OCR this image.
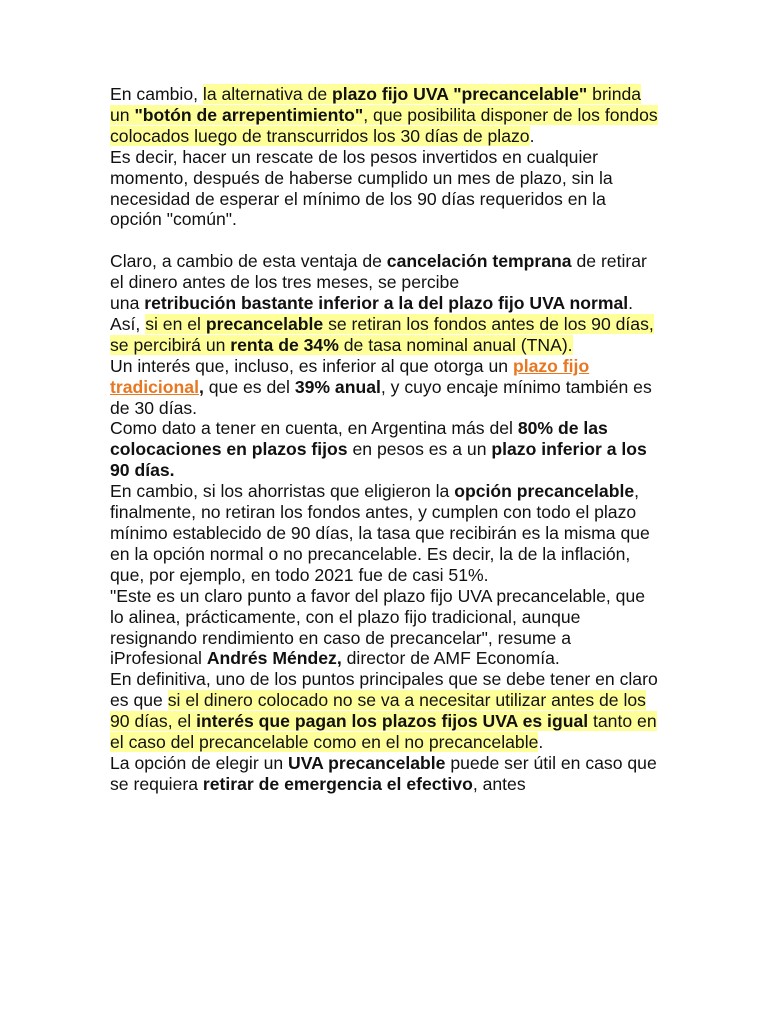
En cambio, la alternativa de plazo fijo UVA "precancelable" brinda un "botón de arrepentimiento", que posibilita disponer de los fondos colocados luego de transcurridos los 30 días de plazo.

Es decir, hacer un rescate de los pesos invertidos en cualquier momento, después de haberse cumplido un mes de plazo, sin la necesidad de esperar el mínimo de los 90 días requeridos en la opción "común".

Claro, a cambio de esta ventaja de cancelación temprana de retirar el dinero antes de los tres meses, se percibe
una retribución bastante inferior a la del plazo fijo UVA normal.

Así, si en el precancelable se retiran los fondos antes de los 90 días, se percibirá un renta de 34% de tasa nominal anual (TNA).

Un interés que, incluso, es inferior al que otorga un plazo fijo tradicional, que es del 39% anual, y cuyo encaje mínimo también es de 30 días.

Como dato a tener en cuenta, en Argentina más del 80% de las colocaciones en plazos fijos en pesos es a un plazo inferior a los 90 días.

En cambio, si los ahorristas que eligieron la opción precancelable, finalmente, no retiran los fondos antes, y cumplen con todo el plazo mínimo establecido de 90 días, la tasa que recibirán es la misma que en la opción normal o no precancelable. Es decir, la de la inflación, que, por ejemplo, en todo 2021 fue de casi 51%.

"Este es un claro punto a favor del plazo fijo UVA precancelable, que lo alinea, prácticamente, con el plazo fijo tradicional, aunque resignando rendimiento en caso de precancelar", resume a iProfesional Andrés Méndez, director de AMF Economía.

En definitiva, uno de los puntos principales que se debe tener en claro es que si el dinero colocado no se va a necesitar utilizar antes de los 90 días, el interés que pagan los plazos fijos UVA es igual tanto en el caso del precancelable como en el no precancelable.

La opción de elegir un UVA precancelable puede ser útil en caso que se requiera retirar de emergencia el efectivo, antes
